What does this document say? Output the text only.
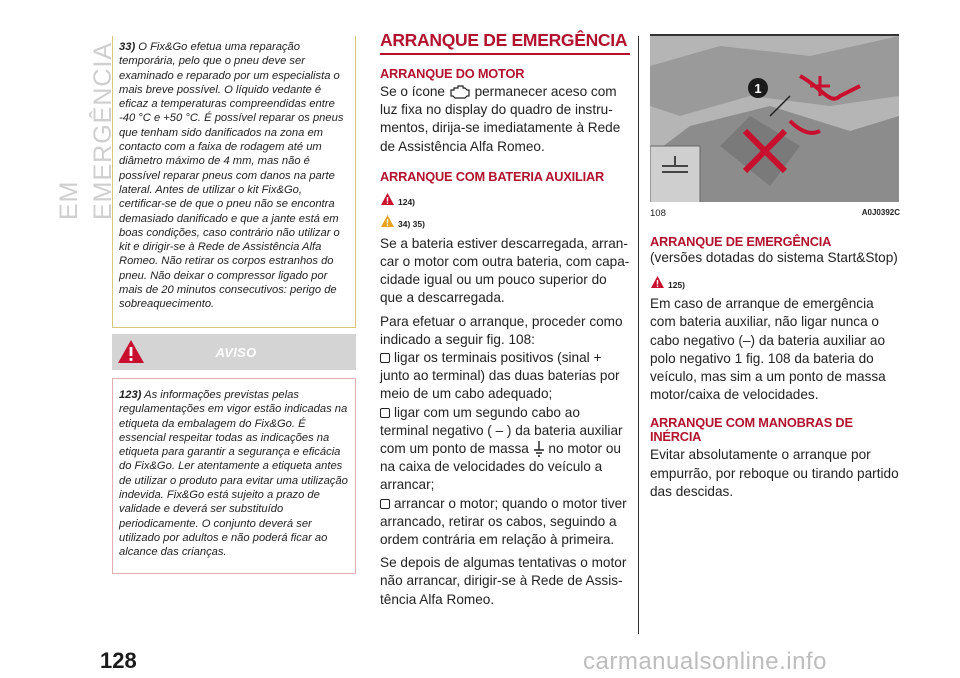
EM EMERGÊNCIA 33) O Fix&Go efetua uma reparação temporária, pelo que o pneu deve ser examinado e reparado por um especialista o mais breve possível. O líquido vedante é eficaz a temperaturas compreendidas entre -40 °C e +50 °C. É possível reparar os pneus que tenham sido danificados na zona em contacto com a faixa de rodagem até um diâmetro máximo de 4 mm, mas não é possível reparar pneus com danos na parte lateral. Antes de utilizar o kit Fix&Go, certificar-se de que o pneu não se encontra demasiado danificado e que a jante está em boas condições, caso contrário não utilizar o kit e dirigir-se à Rede de Assistência Alfa Romeo. Não retirar os corpos estranhos do pneu. Não deixar o compressor ligado por mais de 20 minutos consecutivos: perigo de sobreaquecimento.

AVISO

123) As informações previstas pelas regulamentações em vigor estão indicadas na etiqueta da embalagem do Fix&Go. É essencial respeitar todas as indicações na etiqueta para garantir a segurança e eficácia do Fix&Go. Ler atentamente a etiqueta antes de utilizar o produto para evitar uma utilização indevida. Fix&Go está sujeito a prazo de validade e deverá ser substituído periodicamente. O conjunto deverá ser utilizado por adultos e não poderá ficar ao alcance das crianças.

ARRANQUE DE EMERGÊNCIA
ARRANQUE DO MOTOR

Se o ícone permanecer aceso com luz fixa no display do quadro de instru-mentos, dirija-se imediatamente à Rede de Assistência Alfa Romeo.

ARRANQUE COM BATERIA AUXILIAR
124)
34) 35)

Se a bateria estiver descarregada, arran-car o motor com outra bateria, com capa-cidade igual ou um pouco superior do que a descarregada.

Para efetuar o arranque, proceder como indicado a seguir fig. 108:

ligar os terminais positivos (sinal + junto ao terminal) das duas baterias por meio de um cabo adequado;

ligar com um segundo cabo ao terminal negativo ( – ) da bateria auxiliar com um ponto de massa no motor ou na caixa de velocidades do veículo a arrancar;

arrancar o motor; quando o motor tiver arrancado, retirar os cabos, seguindo a ordem contrária em relação à primeira.

Se depois de algumas tentativas o motor não arrancar, dirigir-se à Rede de Assis-tência Alfa Romeo.

1
108	A0J0392C
ARRANQUE DE EMERGÊNCIA

(versões dotadas do sistema Start&Stop)

125)

Em caso de arranque de emergência com bateria auxiliar, não ligar nunca o cabo negativo (–) da bateria auxiliar ao polo negativo 1 fig. 108 da bateria do veículo, mas sim a um ponto de massa motor/caixa de velocidades.

ARRANQUE COM MANOBRAS DE INÉRCIA

Evitar absolutamente o arranque por empurrão, por reboque ou tirando partido das descidas.

128	carmanualsonline.info
